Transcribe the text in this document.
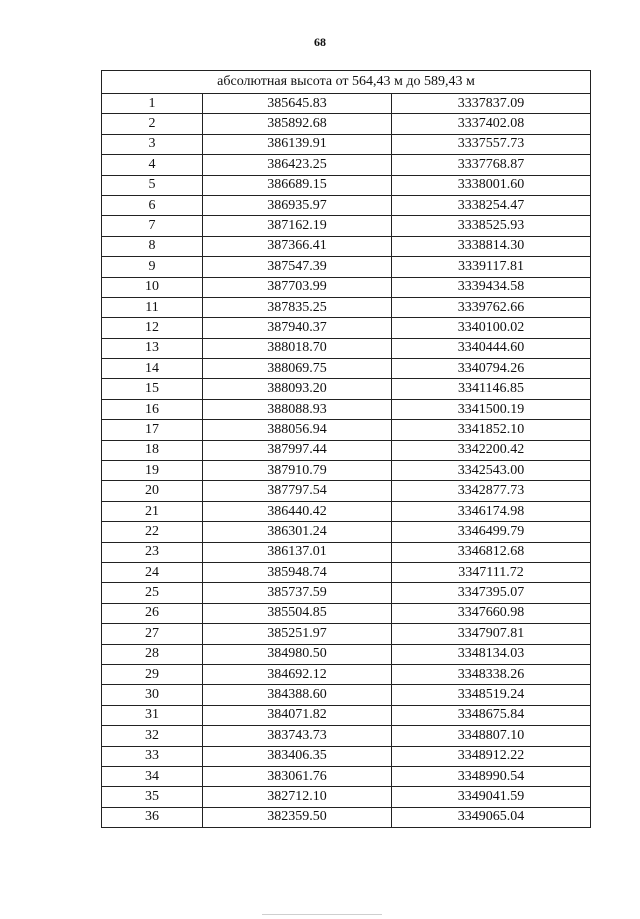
68
абсолютная высота от 564,43 м до 589,43 м		
1	385645.83	3337837.09
2	385892.68	3337402.08
3	386139.91	3337557.73
4	386423.25	3337768.87
5	386689.15	3338001.60
6	386935.97	3338254.47
7	387162.19	3338525.93
8	387366.41	3338814.30
9	387547.39	3339117.81
10	387703.99	3339434.58
11	387835.25	3339762.66
12	387940.37	3340100.02
13	388018.70	3340444.60
14	388069.75	3340794.26
15	388093.20	3341146.85
16	388088.93	3341500.19
17	388056.94	3341852.10
18	387997.44	3342200.42
19	387910.79	3342543.00
20	387797.54	3342877.73
21	386440.42	3346174.98
22	386301.24	3346499.79
23	386137.01	3346812.68
24	385948.74	3347111.72
25	385737.59	3347395.07
26	385504.85	3347660.98
27	385251.97	3347907.81
28	384980.50	3348134.03
29	384692.12	3348338.26
30	384388.60	3348519.24
31	384071.82	3348675.84
32	383743.73	3348807.10
33	383406.35	3348912.22
34	383061.76	3348990.54
35	382712.10	3349041.59
36	382359.50	3349065.04
